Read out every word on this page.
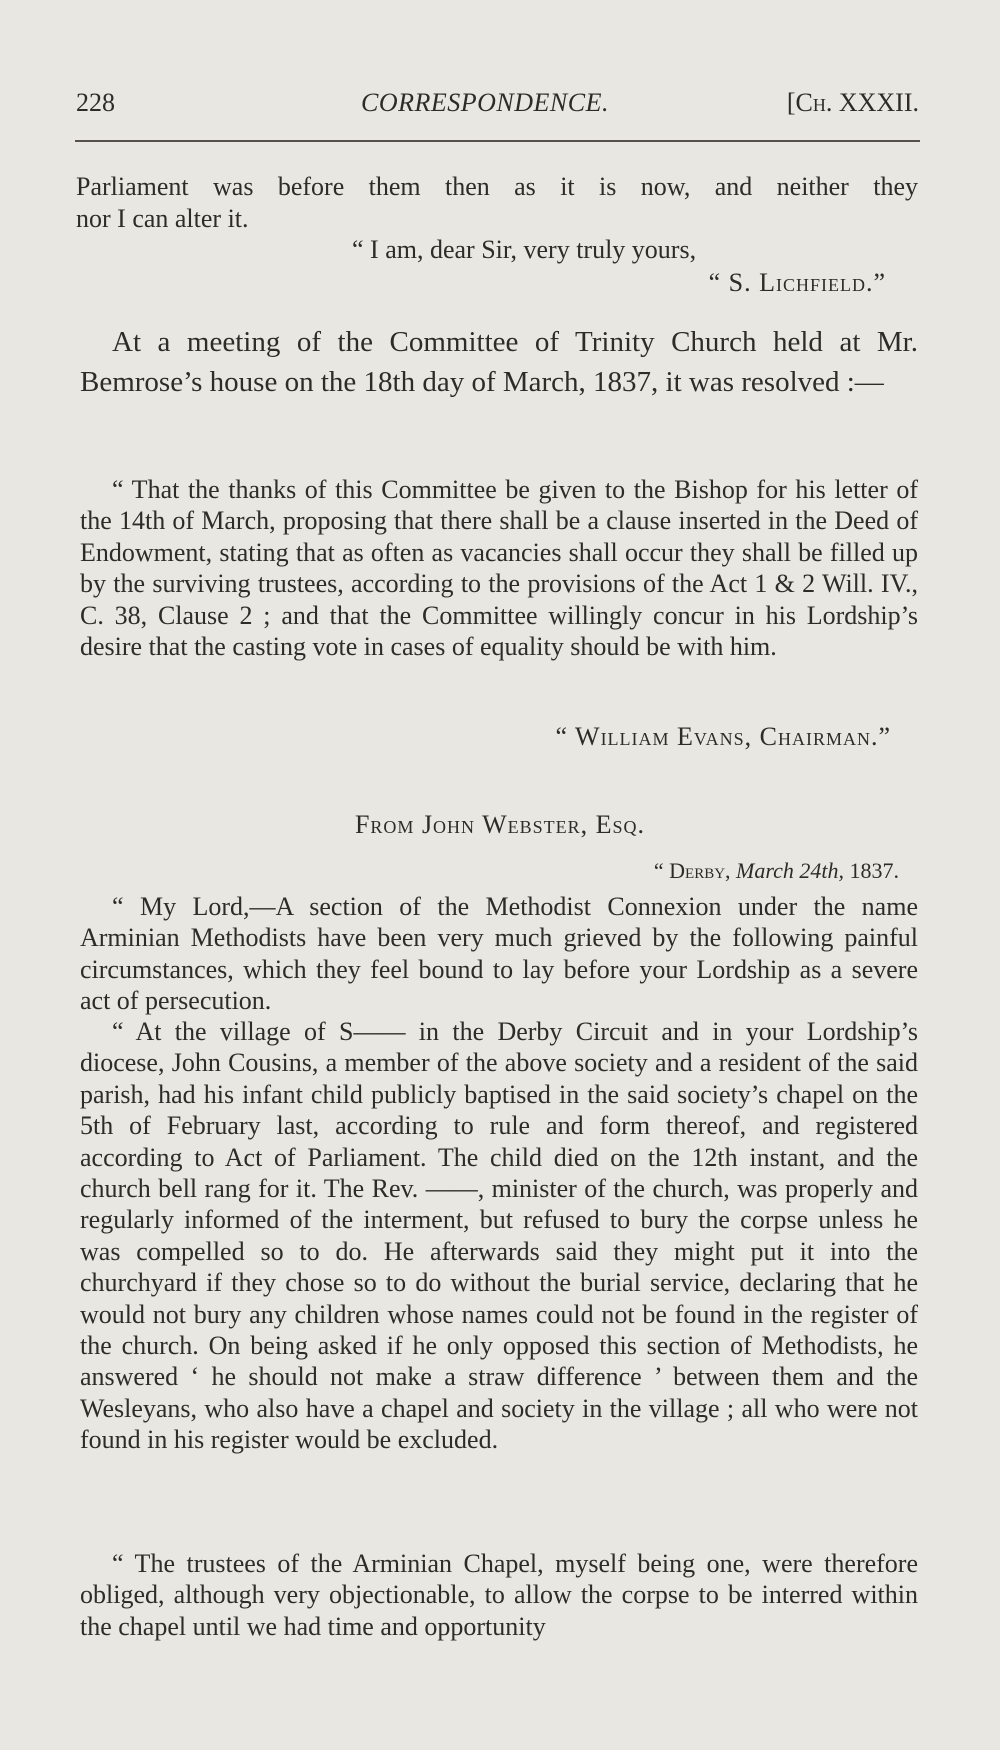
228	CORRESPONDENCE.	[Ch. XXXII.
Parliament was before them then as it is now, and neither they
nor I can alter it.
“ I am, dear Sir, very truly yours,
“ S. Lichfield.”

At a meeting of the Committee of Trinity Church held at Mr. Bemrose’s house on the 18th day of March, 1837, it was resolved :—

“ That the thanks of this Committee be given to the Bishop for his letter of the 14th of March, proposing that there shall be a clause inserted in the Deed of Endowment, stating that as often as vacancies shall occur they shall be filled up by the surviving trustees, according to the provisions of the Act 1 & 2 Will. IV., C. 38, Clause 2 ; and that the Committee willingly concur in his Lordship’s desire that the casting vote in cases of equality should be with him.

“ William Evans, Chairman.”
From John Webster, Esq.
“ Derby, March 24th, 1837.

“ My Lord,—A section of the Methodist Connexion under the name Arminian Methodists have been very much grieved by the following painful circumstances, which they feel bound to lay before your Lordship as a severe act of persecution.

“ At the village of S—— in the Derby Circuit and in your Lordship’s diocese, John Cousins, a member of the above society and a resident of the said parish, had his infant child publicly baptised in the said society’s chapel on the 5th of February last, according to rule and form thereof, and registered according to Act of Parliament. The child died on the 12th instant, and the church bell rang for it. The Rev. ——, minister of the church, was properly and regularly informed of the interment, but refused to bury the corpse unless he was compelled so to do. He afterwards said they might put it into the churchyard if they chose so to do without the burial service, declaring that he would not bury any children whose names could not be found in the register of the church. On being asked if he only opposed this section of Methodists, he answered ‘ he should not make a straw difference ’ between them and the Wesleyans, who also have a chapel and society in the village ; all who were not found in his register would be excluded.

“ The trustees of the Arminian Chapel, myself being one, were therefore obliged, although very objectionable, to allow the corpse to be interred within the chapel until we had time and opportunity
